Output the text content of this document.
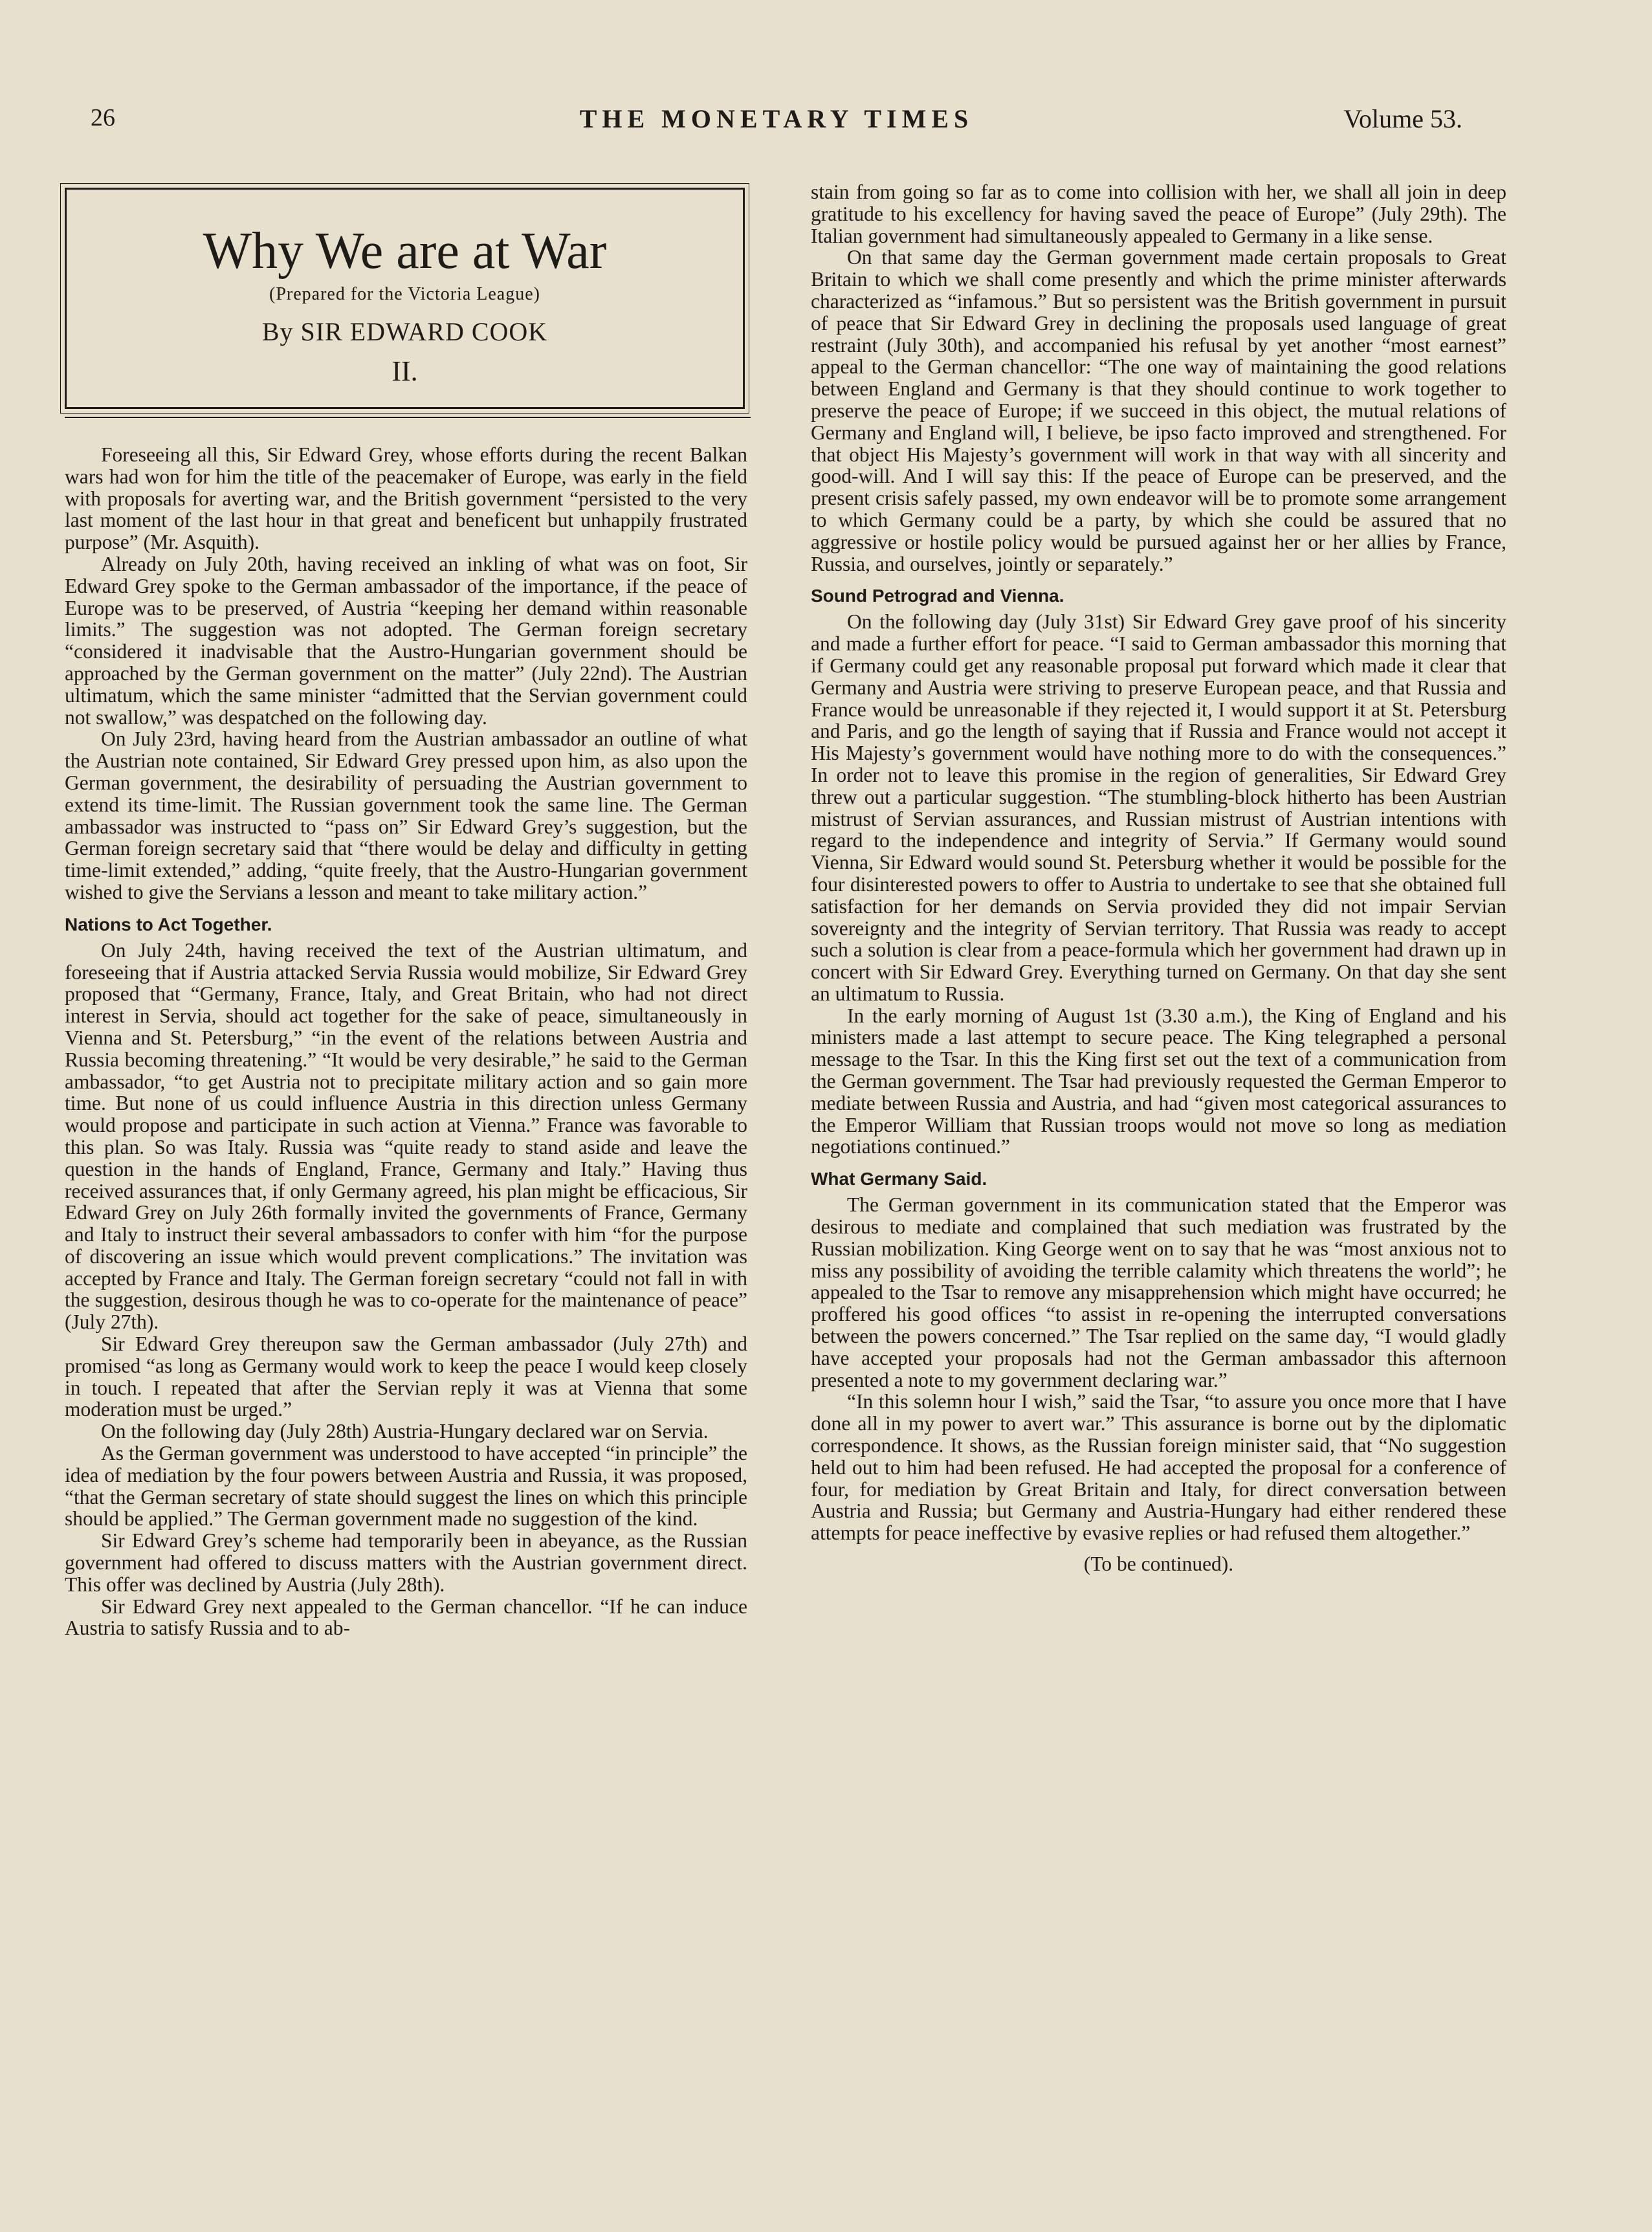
26	THE MONETARY TIMES	Volume 53.
Why We are at War
(Prepared for the Victoria League)
By SIR EDWARD COOK
II.

Foreseeing all this, Sir Edward Grey, whose efforts during the recent Balkan wars had won for him the title of the peacemaker of Europe, was early in the field with proposals for averting war, and the British government “persisted to the very last moment of the last hour in that great and beneficent but unhappily frustrated purpose” (Mr. Asquith).

Already on July 20th, having received an inkling of what was on foot, Sir Edward Grey spoke to the German ambassador of the importance, if the peace of Europe was to be preserved, of Austria “keeping her demand within reasonable limits.” The suggestion was not adopted. The German foreign secretary “considered it inadvisable that the Austro-Hungarian government should be approached by the German government on the matter” (July 22nd). The Austrian ultimatum, which the same minister “admitted that the Servian government could not swallow,” was despatched on the following day.

On July 23rd, having heard from the Austrian ambassador an outline of what the Austrian note contained, Sir Edward Grey pressed upon him, as also upon the German government, the desirability of persuading the Austrian government to extend its time-limit. The Russian government took the same line. The German ambassador was instructed to “pass on” Sir Edward Grey’s suggestion, but the German foreign secretary said that “there would be delay and difficulty in getting time-limit extended,” adding, “quite freely, that the Austro-Hungarian government wished to give the Servians a lesson and meant to take military action.”

Nations to Act Together.

On July 24th, having received the text of the Austrian ultimatum, and foreseeing that if Austria attacked Servia Russia would mobilize, Sir Edward Grey proposed that “Germany, France, Italy, and Great Britain, who had not direct interest in Servia, should act together for the sake of peace, simultaneously in Vienna and St. Petersburg,” “in the event of the relations between Austria and Russia becoming threatening.” “It would be very desirable,” he said to the German ambassador, “to get Austria not to precipitate military action and so gain more time. But none of us could influence Austria in this direction unless Germany would propose and participate in such action at Vienna.” France was favorable to this plan. So was Italy. Russia was “quite ready to stand aside and leave the question in the hands of England, France, Germany and Italy.” Having thus received assurances that, if only Germany agreed, his plan might be efficacious, Sir Edward Grey on July 26th formally invited the governments of France, Germany and Italy to instruct their several ambassadors to confer with him “for the purpose of discovering an issue which would prevent complications.” The invitation was accepted by France and Italy. The German foreign secretary “could not fall in with the suggestion, desirous though he was to co-operate for the maintenance of peace” (July 27th).

Sir Edward Grey thereupon saw the German ambassador (July 27th) and promised “as long as Germany would work to keep the peace I would keep closely in touch. I repeated that after the Servian reply it was at Vienna that some moderation must be urged.”

On the following day (July 28th) Austria-Hungary declared war on Servia.

As the German government was understood to have accepted “in principle” the idea of mediation by the four powers between Austria and Russia, it was proposed, “that the German secretary of state should suggest the lines on which this principle should be applied.” The German government made no suggestion of the kind.

Sir Edward Grey’s scheme had temporarily been in abeyance, as the Russian government had offered to discuss matters with the Austrian government direct. This offer was declined by Austria (July 28th).

Sir Edward Grey next appealed to the German chancellor. “If he can induce Austria to satisfy Russia and to ab-

stain from going so far as to come into collision with her, we shall all join in deep gratitude to his excellency for having saved the peace of Europe” (July 29th). The Italian government had simultaneously appealed to Germany in a like sense.

On that same day the German government made certain proposals to Great Britain to which we shall come presently and which the prime minister afterwards characterized as “infamous.” But so persistent was the British government in pursuit of peace that Sir Edward Grey in declining the proposals used language of great restraint (July 30th), and accompanied his refusal by yet another “most earnest” appeal to the German chancellor: “The one way of maintaining the good relations between England and Germany is that they should continue to work together to preserve the peace of Europe; if we succeed in this object, the mutual relations of Germany and England will, I believe, be ipso facto improved and strengthened. For that object His Majesty’s government will work in that way with all sincerity and good-will. And I will say this: If the peace of Europe can be preserved, and the present crisis safely passed, my own endeavor will be to promote some arrangement to which Germany could be a party, by which she could be assured that no aggressive or hostile policy would be pursued against her or her allies by France, Russia, and ourselves, jointly or separately.”

Sound Petrograd and Vienna.

On the following day (July 31st) Sir Edward Grey gave proof of his sincerity and made a further effort for peace. “I said to German ambassador this morning that if Germany could get any reasonable proposal put forward which made it clear that Germany and Austria were striving to preserve European peace, and that Russia and France would be unreasonable if they rejected it, I would support it at St. Petersburg and Paris, and go the length of saying that if Russia and France would not accept it His Majesty’s government would have nothing more to do with the consequences.” In order not to leave this promise in the region of generalities, Sir Edward Grey threw out a particular suggestion. “The stumbling-block hitherto has been Austrian mistrust of Servian assurances, and Russian mistrust of Austrian intentions with regard to the independence and integrity of Servia.” If Germany would sound Vienna, Sir Edward would sound St. Petersburg whether it would be possible for the four disinterested powers to offer to Austria to undertake to see that she obtained full satisfaction for her demands on Servia provided they did not impair Servian sovereignty and the integrity of Servian territory. That Russia was ready to accept such a solution is clear from a peace-formula which her government had drawn up in concert with Sir Edward Grey. Everything turned on Germany. On that day she sent an ultimatum to Russia.

In the early morning of August 1st (3.30 a.m.), the King of England and his ministers made a last attempt to secure peace. The King telegraphed a personal message to the Tsar. In this the King first set out the text of a communication from the German government. The Tsar had previously requested the German Emperor to mediate between Russia and Austria, and had “given most categorical assurances to the Emperor William that Russian troops would not move so long as mediation negotiations continued.”

What Germany Said.

The German government in its communication stated that the Emperor was desirous to mediate and complained that such mediation was frustrated by the Russian mobilization. King George went on to say that he was “most anxious not to miss any possibility of avoiding the terrible calamity which threatens the world”; he appealed to the Tsar to remove any misapprehension which might have occurred; he proffered his good offices “to assist in re-opening the interrupted conversations between the powers concerned.” The Tsar replied on the same day, “I would gladly have accepted your proposals had not the German ambassador this afternoon presented a note to my government declaring war.”

“In this solemn hour I wish,” said the Tsar, “to assure you once more that I have done all in my power to avert war.” This assurance is borne out by the diplomatic correspondence. It shows, as the Russian foreign minister said, that “No suggestion held out to him had been refused. He had accepted the proposal for a conference of four, for mediation by Great Britain and Italy, for direct conversation between Austria and Russia; but Germany and Austria-Hungary had either rendered these attempts for peace ineffective by evasive replies or had refused them altogether.”

(To be continued).
